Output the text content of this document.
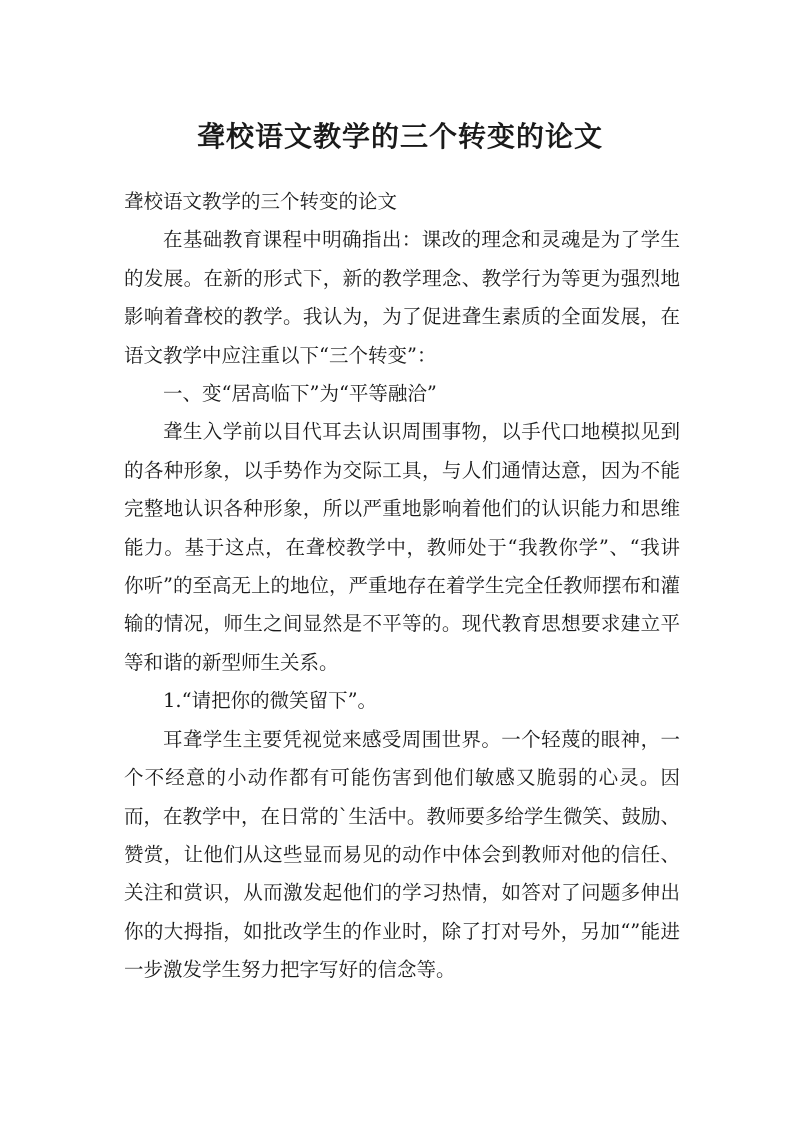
聋校语文教学的三个转变的论文

聋校语文教学的三个转变的论文

在基础教育课程中明确指出：课改的理念和灵魂是为了学生的发展。在新的形式下，新的教学理念、教学行为等更为强烈地影响着聋校的教学。我认为，为了促进聋生素质的全面发展，在语文教学中应注重以下“三个转变”：

一、变“居高临下”为“平等融洽”

聋生入学前以目代耳去认识周围事物，以手代口地模拟见到的各种形象，以手势作为交际工具，与人们通情达意，因为不能完整地认识各种形象，所以严重地影响着他们的认识能力和思维能力。基于这点，在聋校教学中，教师处于“我教你学”、“我讲你听”的至高无上的地位，严重地存在着学生完全任教师摆布和灌输的情况，师生之间显然是不平等的。现代教育思想要求建立平等和谐的新型师生关系。

1.“请把你的微笑留下”。

耳聋学生主要凭视觉来感受周围世界。一个轻蔑的眼神，一个不经意的小动作都有可能伤害到他们敏感又脆弱的心灵。因而，在教学中，在日常的`生活中。教师要多给学生微笑、鼓励、赞赏，让他们从这些显而易见的动作中体会到教师对他的信任、关注和赏识，从而激发起他们的学习热情，如答对了问题多伸出你的大拇指，如批改学生的作业时，除了打对号外，另加“”能进一步激发学生努力把字写好的信念等。
